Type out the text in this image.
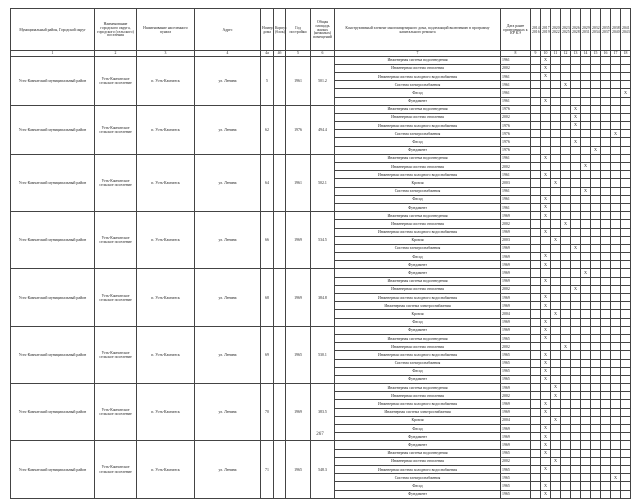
Муниципальный район, Городской округ	Наименование городского округа, городского (сельского) поселения	Наименование населенного пункта	Адрес	Номер дома	Корпус (блок)	Год постройки	Общая площадь жилых (нежилых) помещений	Конструктивный элемент многоквартирного дома, подлежащий включению в программу капитального ремонта	Дата ранее проведенных к КР КЭ	2014 2016	2017 2019	2020 2022	2023 2025	2026 2028	2029 2031	2032 2034	2035 2037	2038 2040	2041 2043
1	2	3	4	4а	4б	5	6	7	8	9	10	11	12	13	14	15	16	17	18
Усть-Камчатский муниципальный район	Усть-Камчатское сельское поселение	п. Усть-Камчатск	ул. Ленина	5		1961	501.2	Инженерная система водоотведения	1961		X								
								Инженерная система отопления	2002		X								
								Инженерная система холодного водоснабжения	1961		X								
								Система электроснабжения	1961				X						
								Фасад	1961										X
								Фундамент	1961		X								
Усть-Камчатский муниципальный район	Усть-Камчатское сельское поселение	п. Усть-Камчатск	ул. Ленина	62		1976	494.4	Инженерная система водоотведения	1976					X					
								Инженерная система отопления	2002					X					
								Инженерная система холодного водоснабжения	1976					X					
								Система электроснабжения	1976									X	
								Фасад	1976					X					
								Фундамент	1976							X			
Усть-Камчатский муниципальный район	Усть-Камчатское сельское поселение	п. Усть-Камчатск	ул. Ленина	64		1961	502.1	Инженерная система водоотведения	1961		X								
								Инженерная система отопления	2002						X				
								Инженерная система холодного водоснабжения	1961		X								
								Кровля	2003			X							
								Система электроснабжения	1961						X				
								Фасад	1961		X								
								Фундамент	1961		X								
Усть-Камчатский муниципальный район	Усть-Камчатское сельское поселение	п. Усть-Камчатск	ул. Ленина	66		1969	534.5	Инженерная система водоотведения	1969		X								
								Инженерная система отопления	2002				X						
								Инженерная система холодного водоснабжения	1969		X								
								Кровля	2003			X							
								Система электроснабжения	1969					X					
								Фасад	1969		X								
								Фундамент	1969		X								
Усть-Камчатский муниципальный район	Усть-Камчатское сельское поселение	п. Усть-Камчатск	ул. Ленина	68		1969	384.8	Фундамент	1969						X				
								Инженерная система водоотведения	1969		X								
								Инженерная система отопления	2002					X					
								Инженерная система холодного водоснабжения	1969		X								
								Инженерная система электроснабжения	1969		X								
								Кровля	2004			X							
								Фасад	1969		X								
Усть-Камчатский муниципальный район	Усть-Камчатское сельское поселение	п. Усть-Камчатск	ул. Ленина	69		1965	530.1	Фундамент	1969		X								
								Инженерная система водоотведения	1965		X								
								Инженерная система отопления	2002				X						
								Инженерная система холодного водоснабжения	1965		X								
								Система электроснабжения	1965		X								
								Фасад	1965		X								
								Фундамент	1965		X								
Усть-Камчатский муниципальный район	Усть-Камчатское сельское поселение	п. Усть-Камчатск	ул. Ленина	70		1969	383.5	Инженерная система водоотведения	1969			X							
								Инженерная система отопления	2002			X							
								Инженерная система холодного водоснабжения	1969		X								
								Инженерная система электроснабжения	1969		X								
								Кровля	2004			X							
								Фасад	1969		X								
								Фундамент	1969		X								
Усть-Камчатский муниципальный район	Усть-Камчатское сельское поселение	п. Усть-Камчатск	ул. Ленина	71		1965	548.3	Фундамент	1969		X								
								Инженерная система водоотведения	1965		X								
								Инженерная система отопления	2002			X							
								Инженерная система холодного водоснабжения	1965		X								
								Система электроснабжения	1965									X	
								Фасад	1965		X								
								Фундамент	1965		X								
267
